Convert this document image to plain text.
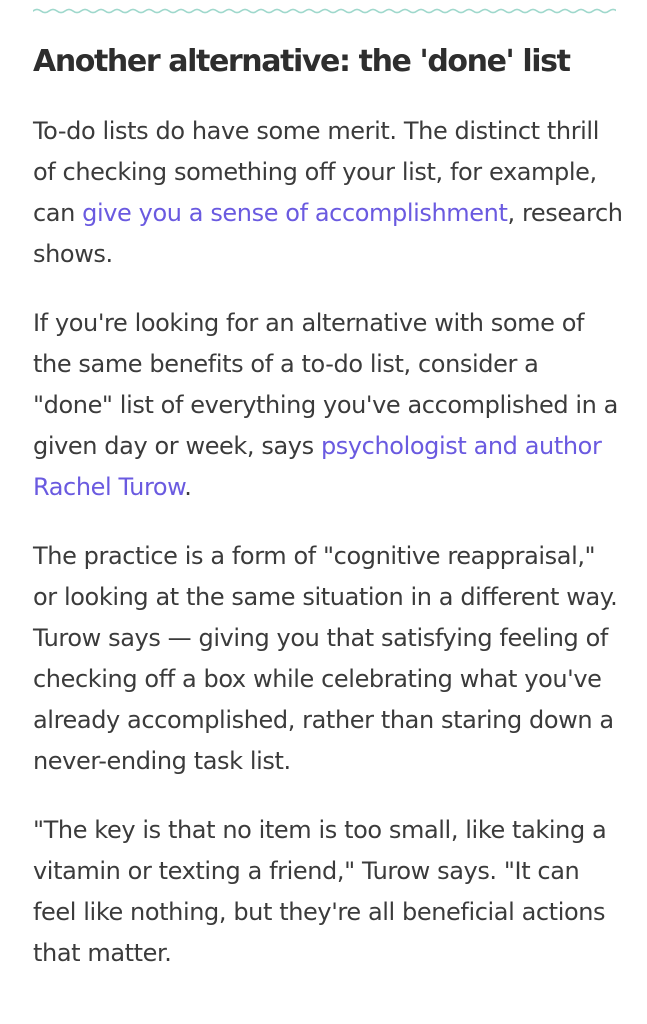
Another alternative: the 'done' list

To-do lists do have some merit. The distinct thrill of checking something off your list, for example, can give you a sense of accomplishment, research shows.

If you're looking for an alternative with some of the same benefits of a to-do list, consider a "done" list of everything you've accomplished in a given day or week, says psychologist and author Rachel Turow.

The practice is a form of "cognitive reappraisal," or looking at the same situation in a different way. Turow says — giving you that satisfying feeling of checking off a box while celebrating what you've already accomplished, rather than staring down a never-ending task list.

"The key is that no item is too small, like taking a vitamin or texting a friend," Turow says. "It can feel like nothing, but they're all beneficial actions that matter.
